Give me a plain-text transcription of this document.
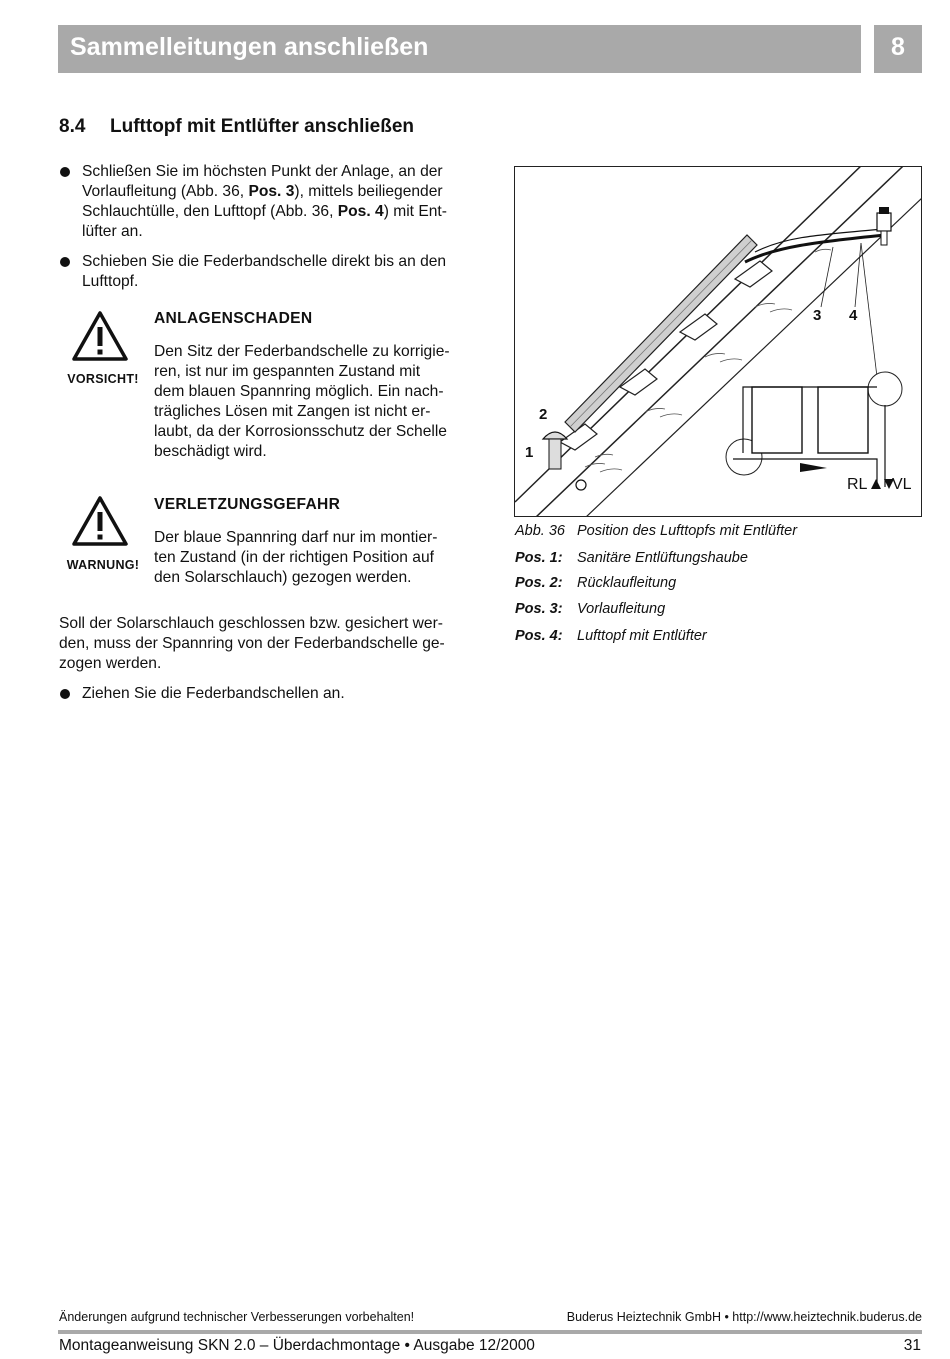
Sammelleitungen anschließen	8
8.4 Lufttopf mit Entlüfter anschließen
Schließen Sie im höchsten Punkt der Anlage, an der
Vorlaufleitung (Abb. 36, Pos. 3), mittels beiliegender
Schlauchtülle, den Lufttopf (Abb. 36, Pos. 4) mit Ent-
lüfter an.
Schieben Sie die Federbandschelle direkt bis an den
Lufttopf.
VORSICHT!
ANLAGENSCHADEN
Den Sitz der Federbandschelle zu korrigie-
ren, ist nur im gespannten Zustand mit
dem blauen Spannring möglich. Ein nach-
trägliches Lösen mit Zangen ist nicht er-
laubt, da der Korrosionsschutz der Schelle
beschädigt wird.
WARNUNG!
VERLETZUNGSGEFAHR
Der blaue Spannring darf nur im montier-
ten Zustand (in der richtigen Position auf
den Solarschlauch) gezogen werden.
Soll der Solarschlauch geschlossen bzw. gesichert wer-
den, muss der Spannring von der Federbandschelle ge-
zogen werden.
Ziehen Sie die Federbandschellen an.
1
2
3 4
RL VL
Abb. 36 Position des Lufttopfs mit Entlüfter
Pos. 1: Sanitäre Entlüftungshaube
Pos. 2: Rücklaufleitung
Pos. 3: Vorlaufleitung
Pos. 4: Lufttopf mit Entlüfter
Änderungen aufgrund technischer Verbesserungen vorbehalten!	Buderus Heiztechnik GmbH • http://www.heiztechnik.buderus.de
Montageanweisung SKN 2.0 – Überdachmontage • Ausgabe 12/2000	31
